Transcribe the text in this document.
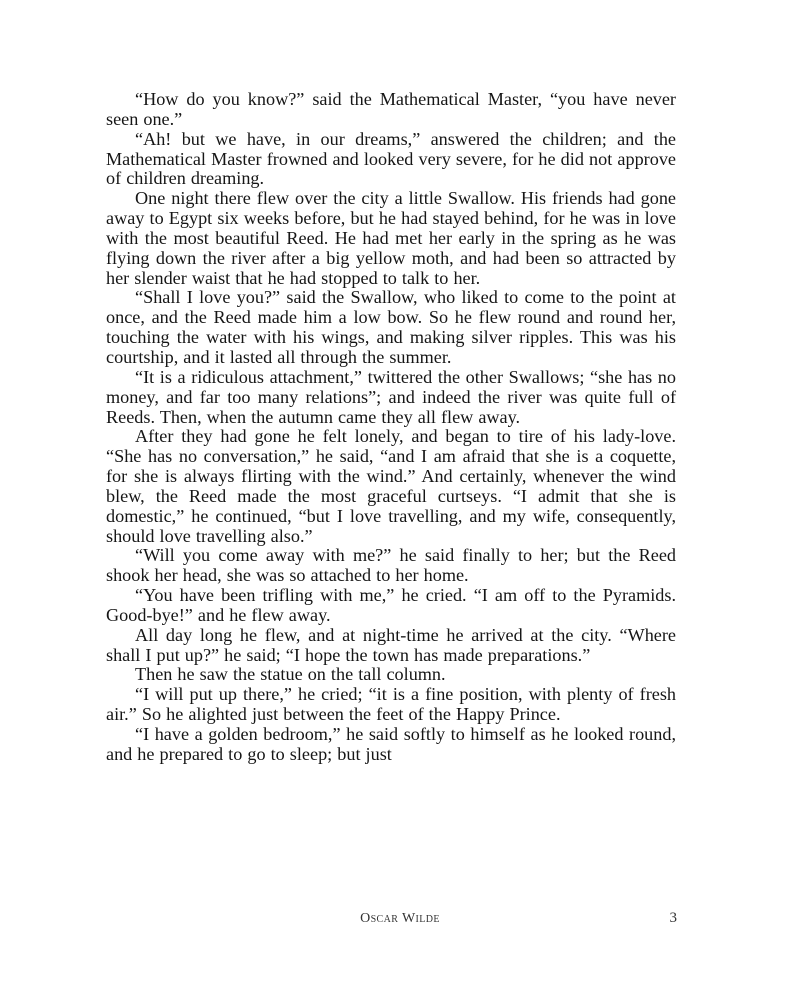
“How do you know?” said the Mathematical Master, “you have never seen one.”

“Ah! but we have, in our dreams,” answered the children; and the Mathematical Master frowned and looked very severe, for he did not approve of children dreaming.

One night there flew over the city a little Swallow. His friends had gone away to Egypt six weeks before, but he had stayed behind, for he was in love with the most beautiful Reed. He had met her early in the spring as he was flying down the river after a big yellow moth, and had been so attracted by her slender waist that he had stopped to talk to her.

“Shall I love you?” said the Swallow, who liked to come to the point at once, and the Reed made him a low bow. So he flew round and round her, touching the water with his wings, and making silver ripples. This was his courtship, and it lasted all through the summer.

“It is a ridiculous attachment,” twittered the other Swallows; “she has no money, and far too many relations”; and indeed the river was quite full of Reeds. Then, when the autumn came they all flew away.

After they had gone he felt lonely, and began to tire of his lady-love. “She has no conversation,” he said, “and I am afraid that she is a coquette, for she is always flirting with the wind.” And certainly, whenever the wind blew, the Reed made the most graceful curtseys. “I admit that she is domestic,” he continued, “but I love travelling, and my wife, consequently, should love travelling also.”

“Will you come away with me?” he said finally to her; but the Reed shook her head, she was so attached to her home.

“You have been trifling with me,” he cried. “I am off to the Pyramids. Good-bye!” and he flew away.

All day long he flew, and at night-time he arrived at the city. “Where shall I put up?” he said; “I hope the town has made preparations.”

Then he saw the statue on the tall column.

“I will put up there,” he cried; “it is a fine position, with plenty of fresh air.” So he alighted just between the feet of the Happy Prince.

“I have a golden bedroom,” he said softly to himself as he looked round, and he prepared to go to sleep; but just

Oscar Wilde	3
